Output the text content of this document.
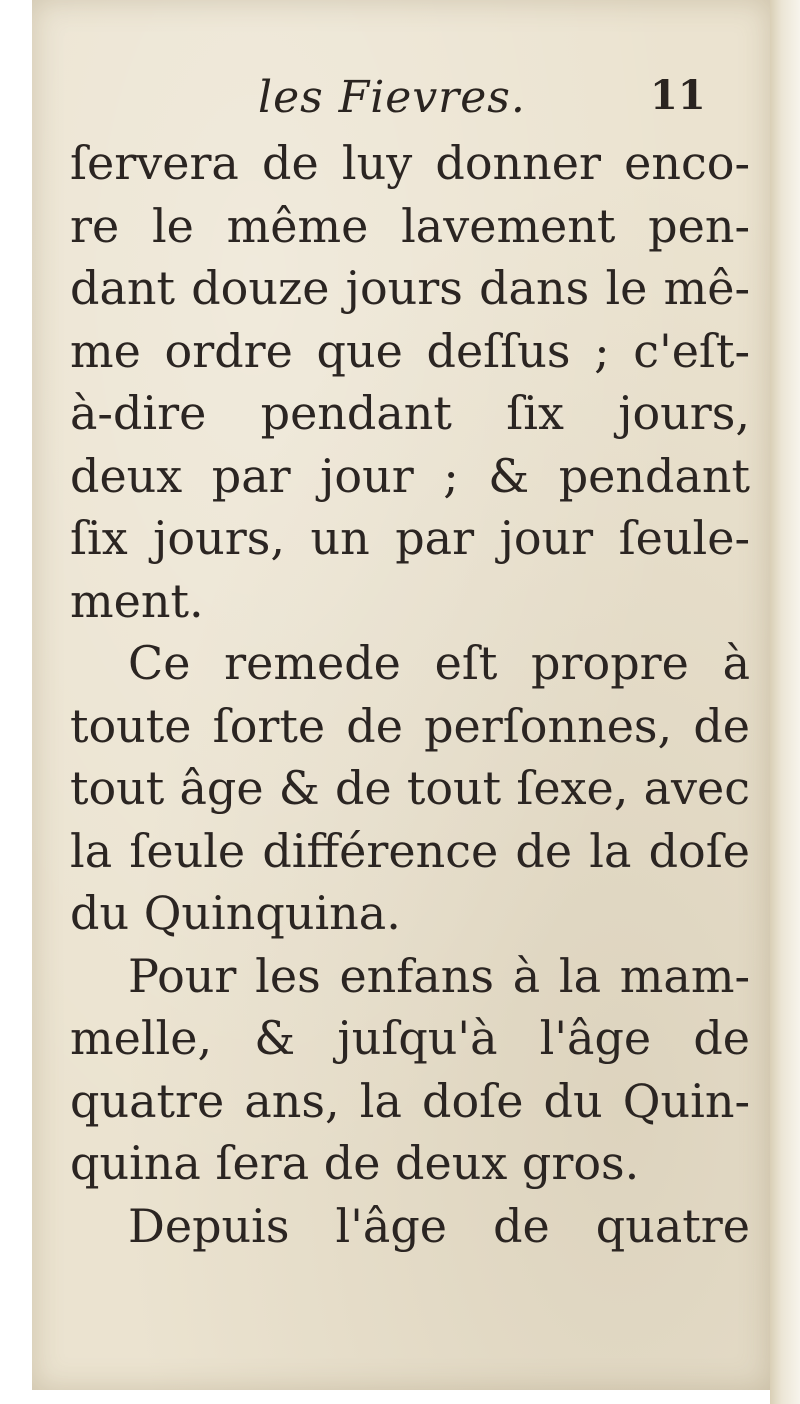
les Fievres.	11
ſervera de luy donner enco-
re le même lavement pen-
dant douze jours dans le mê-
me ordre que deſſus ; c'eſt-
à-dire pendant ſix jours,
deux par jour ; & pendant
ſix jours, un par jour ſeule-
ment.
Ce remede eſt propre à
toute ſorte de perſonnes, de
tout âge & de tout ſexe, avec
la ſeule différence de la doſe
du Quinquina.
Pour les enfans à la mam-
melle, & juſqu'à l'âge de
quatre ans, la doſe du Quin-
quina ſera de deux gros.
Depuis l'âge de quatre
